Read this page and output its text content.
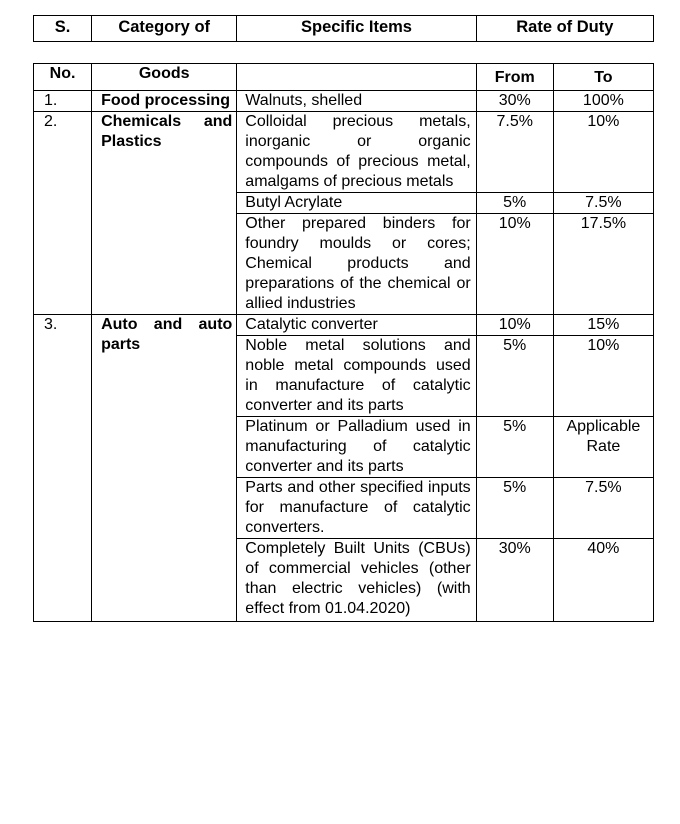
S.	Category of	Specific Items	Rate of Duty
No.	Goods		From	To
1.	Food processing	Walnuts, shelled	30%	100%
2.	Chemicals and Plastics	Colloidal precious metals, inorganic or organic compounds of precious metal, amalgams of precious metals	7.5%	10%
		Butyl Acrylate	5%	7.5%
		Other prepared binders for foundry moulds or cores; Chemical products and preparations of the chemical or allied industries	10%	17.5%
3.	Auto and auto parts	Catalytic converter	10%	15%
		Noble metal solutions and noble metal compounds used in manufacture of catalytic converter and its parts	5%	10%
		Platinum or Palladium used in manufacturing of catalytic converter and its parts	5%	Applicable Rate
		Parts and other specified inputs for manufacture of catalytic converters.	5%	7.5%
		Completely Built Units (CBUs) of commercial vehicles (other than electric vehicles) (with effect from 01.04.2020)	30%	40%
